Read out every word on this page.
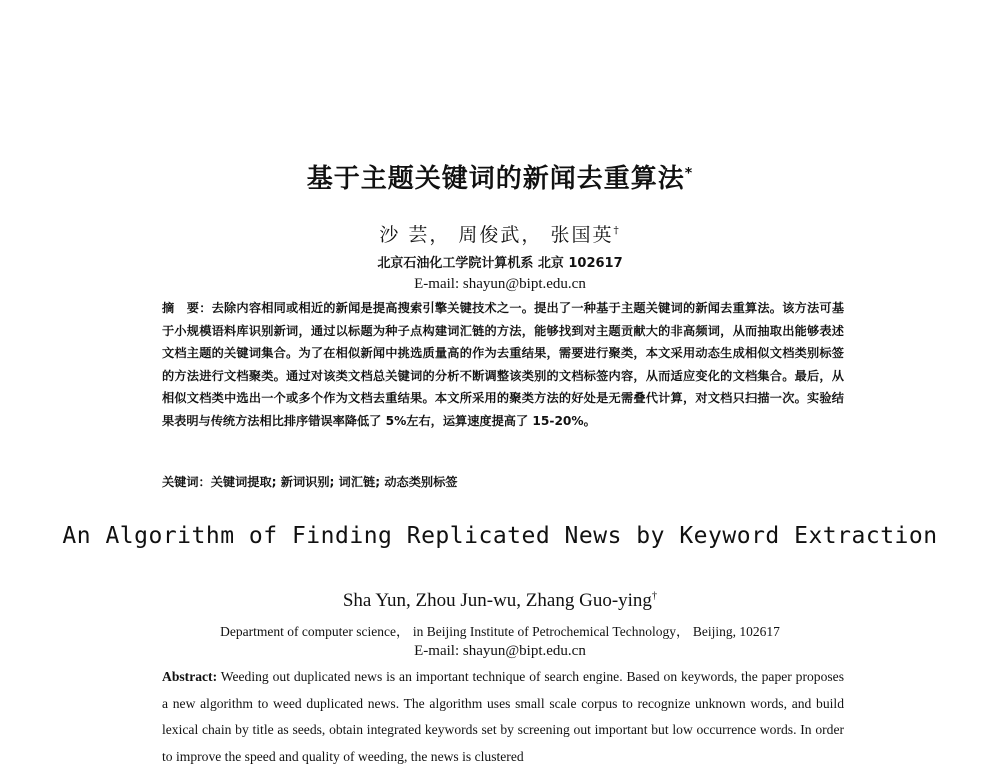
基于主题关键词的新闻去重算法*
沙 芸， 周俊武， 张国英†
北京石油化工学院计算机系 北京 102617
E-mail: shayun@bipt.edu.cn
摘　要：去除内容相同或相近的新闻是提高搜索引擎关键技术之一。提出了一种基于主题关键词的新闻去重算法。该方法可基于小规模语料库识别新词，通过以标题为种子点构建词汇链的方法，能够找到对主题贡献大的非高频词，从而抽取出能够表述文档主题的关键词集合。为了在相似新闻中挑选质量高的作为去重结果，需要进行聚类，本文采用动态生成相似文档类别标签的方法进行文档聚类。通过对该类文档总关键词的分析不断调整该类别的文档标签内容，从而适应变化的文档集合。最后，从相似文档类中选出一个或多个作为文档去重结果。本文所采用的聚类方法的好处是无需叠代计算，对文档只扫描一次。实验结果表明与传统方法相比排序错误率降低了 5%左右，运算速度提高了 15-20%。
关键词：关键词提取; 新词识别; 词汇链; 动态类别标签
An Algorithm of Finding Replicated News by Keyword Extraction
Sha Yun, Zhou Jun-wu, Zhang Guo-ying†
Department of computer science， in Beijing Institute of Petrochemical Technology， Beijing, 102617
E-mail: shayun@bipt.edu.cn
Abstract: Weeding out duplicated news is an important technique of search engine. Based on keywords, the paper proposes a new algorithm to weed duplicated news. The algorithm uses small scale corpus to recognize unknown words, and build lexical chain by title as seeds, obtain integrated keywords set by screening out important but low occurrence words. In order to improve the speed and quality of weeding, the news is clustered
